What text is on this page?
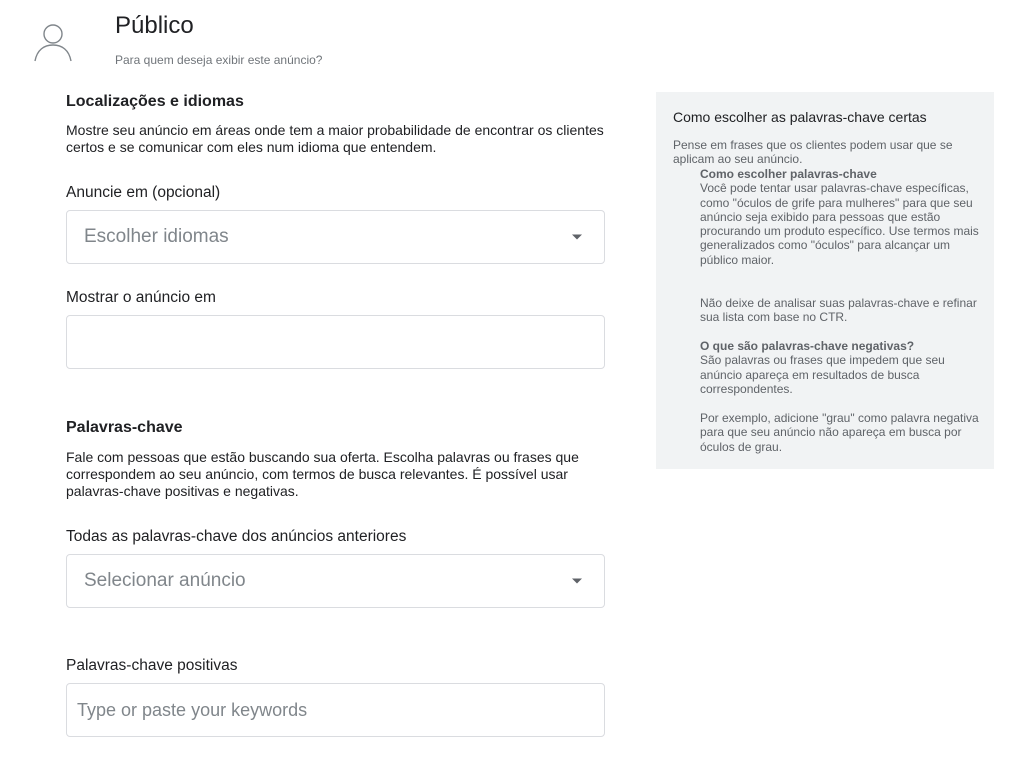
Público
Para quem deseja exibir este anúncio?
Localizações e idiomas
Mostre seu anúncio em áreas onde tem a maior probabilidade de encontrar os clientes certos e se comunicar com eles num idioma que entendem.
Anuncie em (opcional)
Escolher idiomas
Mostrar o anúncio em
Palavras-chave
Fale com pessoas que estão buscando sua oferta. Escolha palavras ou frases que correspondem ao seu anúncio, com termos de busca relevantes. É possível usar palavras-chave positivas e negativas.
Todas as palavras-chave dos anúncios anteriores
Selecionar anúncio
Palavras-chave positivas
Type or paste your keywords
Como escolher as palavras-chave certas
Pense em frases que os clientes podem usar que se aplicam ao seu anúncio.
Como escolher palavras-chave
Você pode tentar usar palavras-chave específicas, como "óculos de grife para mulheres" para que seu anúncio seja exibido para pessoas que estão procurando um produto específico. Use termos mais generalizados como "óculos" para alcançar um público maior.
Não deixe de analisar suas palavras-chave e refinar sua lista com base no CTR.
O que são palavras-chave negativas?
São palavras ou frases que impedem que seu anúncio apareça em resultados de busca correspondentes.
Por exemplo, adicione "grau" como palavra negativa para que seu anúncio não apareça em busca por óculos de grau.
